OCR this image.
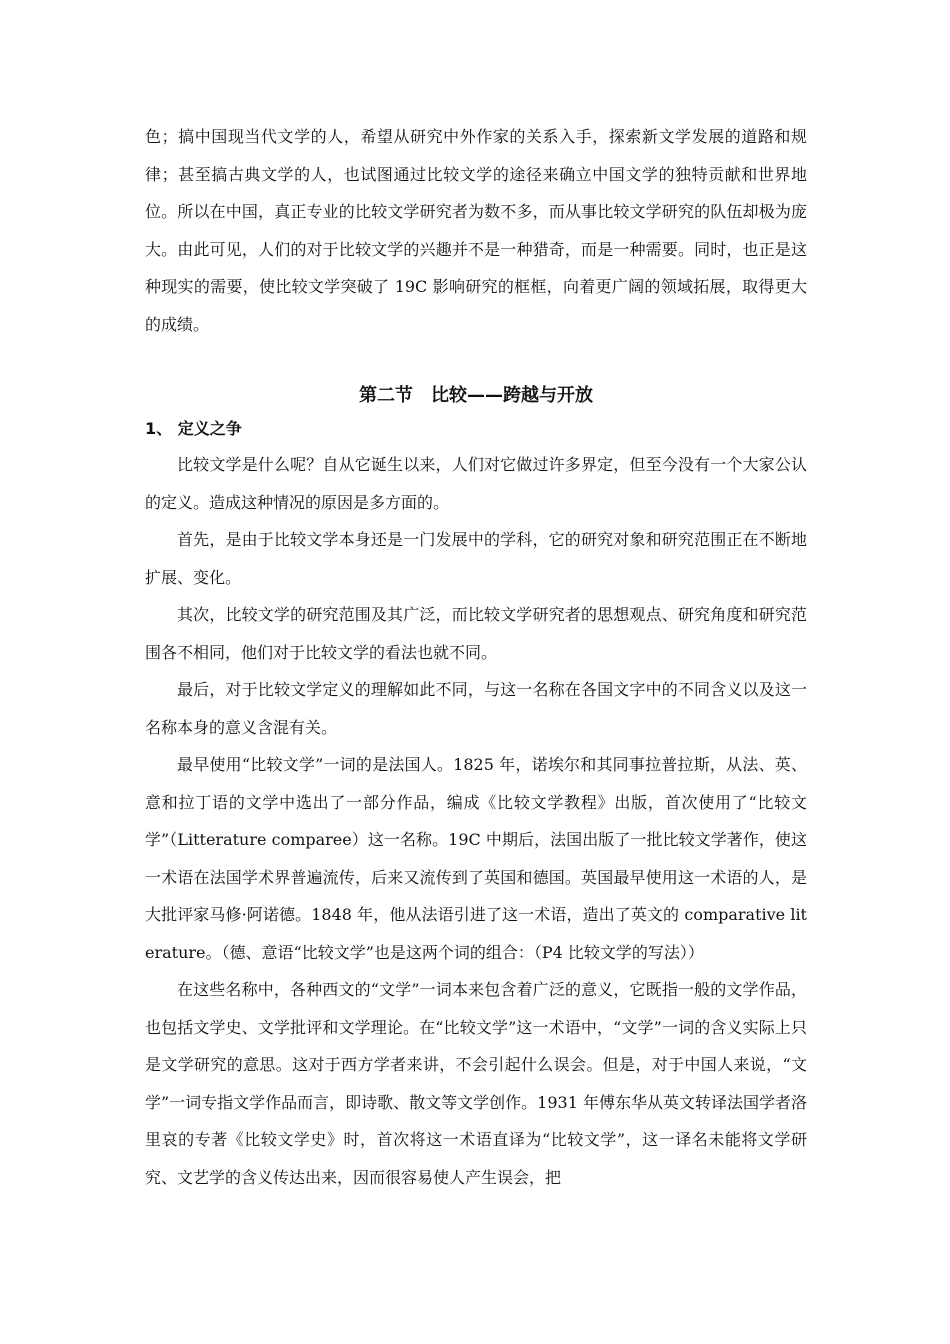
色；搞中国现当代文学的人，希望从研究中外作家的关系入手，探索新文学发展的道路和规律；甚至搞古典文学的人，也试图通过比较文学的途径来确立中国文学的独特贡献和世界地位。所以在中国，真正专业的比较文学研究者为数不多，而从事比较文学研究的队伍却极为庞大。由此可见，人们的对于比较文学的兴趣并不是一种猎奇，而是一种需要。同时，也正是这种现实的需要，使比较文学突破了 19C 影响研究的框框，向着更广阔的领域拓展，取得更大的成绩。

第二节　比较——跨越与开放
1、 定义之争

比较文学是什么呢？自从它诞生以来，人们对它做过许多界定，但至今没有一个大家公认的定义。造成这种情况的原因是多方面的。

首先，是由于比较文学本身还是一门发展中的学科，它的研究对象和研究范围正在不断地扩展、变化。

其次，比较文学的研究范围及其广泛，而比较文学研究者的思想观点、研究角度和研究范围各不相同，他们对于比较文学的看法也就不同。

最后，对于比较文学定义的理解如此不同，与这一名称在各国文字中的不同含义以及这一名称本身的意义含混有关。

最早使用“比较文学”一词的是法国人。1825 年，诺埃尔和其同事拉普拉斯，从法、英、意和拉丁语的文学中选出了一部分作品，编成《比较文学教程》出版，首次使用了“比较文学”（Litterature comparee）这一名称。19C 中期后，法国出版了一批比较文学著作，使这一术语在法国学术界普遍流传，后来又流传到了英国和德国。英国最早使用这一术语的人，是大批评家马修·阿诺德。1848 年，他从法语引进了这一术语，造出了英文的 comparative literature。（德、意语“比较文学”也是这两个词的组合：（P4 比较文学的写法））

在这些名称中，各种西文的“文学”一词本来包含着广泛的意义，它既指一般的文学作品，也包括文学史、文学批评和文学理论。在“比较文学”这一术语中，“文学”一词的含义实际上只是文学研究的意思。这对于西方学者来讲，不会引起什么误会。但是，对于中国人来说，“文学”一词专指文学作品而言，即诗歌、散文等文学创作。1931 年傅东华从英文转译法国学者洛里哀的专著《比较文学史》时，首次将这一术语直译为“比较文学”，这一译名未能将文学研究、文艺学的含义传达出来，因而很容易使人产生误会，把
